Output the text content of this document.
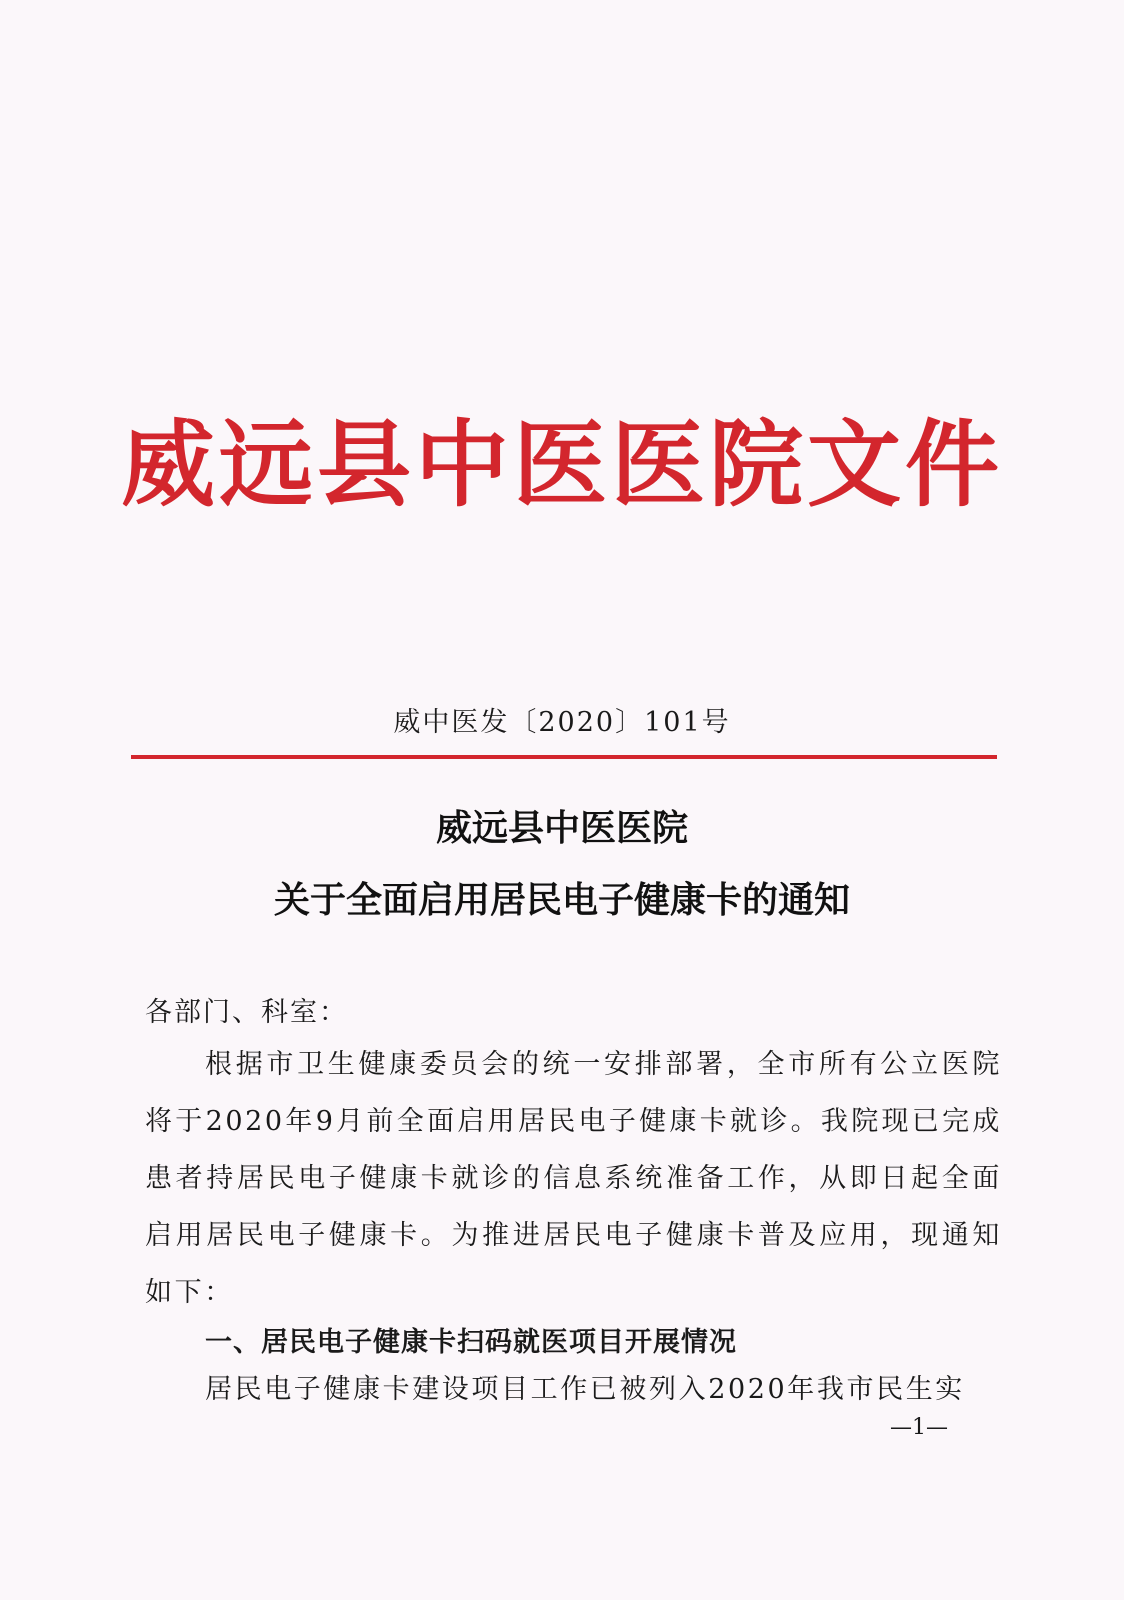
威远县中医医院文件
威中医发〔2020〕101号
威远县中医医院
关于全面启用居民电子健康卡的通知
各部门、科室：

根据市卫生健康委员会的统一安排部署，全市所有公立医院将于2020年9月前全面启用居民电子健康卡就诊。我院现已完成患者持居民电子健康卡就诊的信息系统准备工作，从即日起全面启用居民电子健康卡。为推进居民电子健康卡普及应用，现通知如下：

一、居民电子健康卡扫码就医项目开展情况
居民电子健康卡建设项目工作已被列入2020年我市民生实
—1—
